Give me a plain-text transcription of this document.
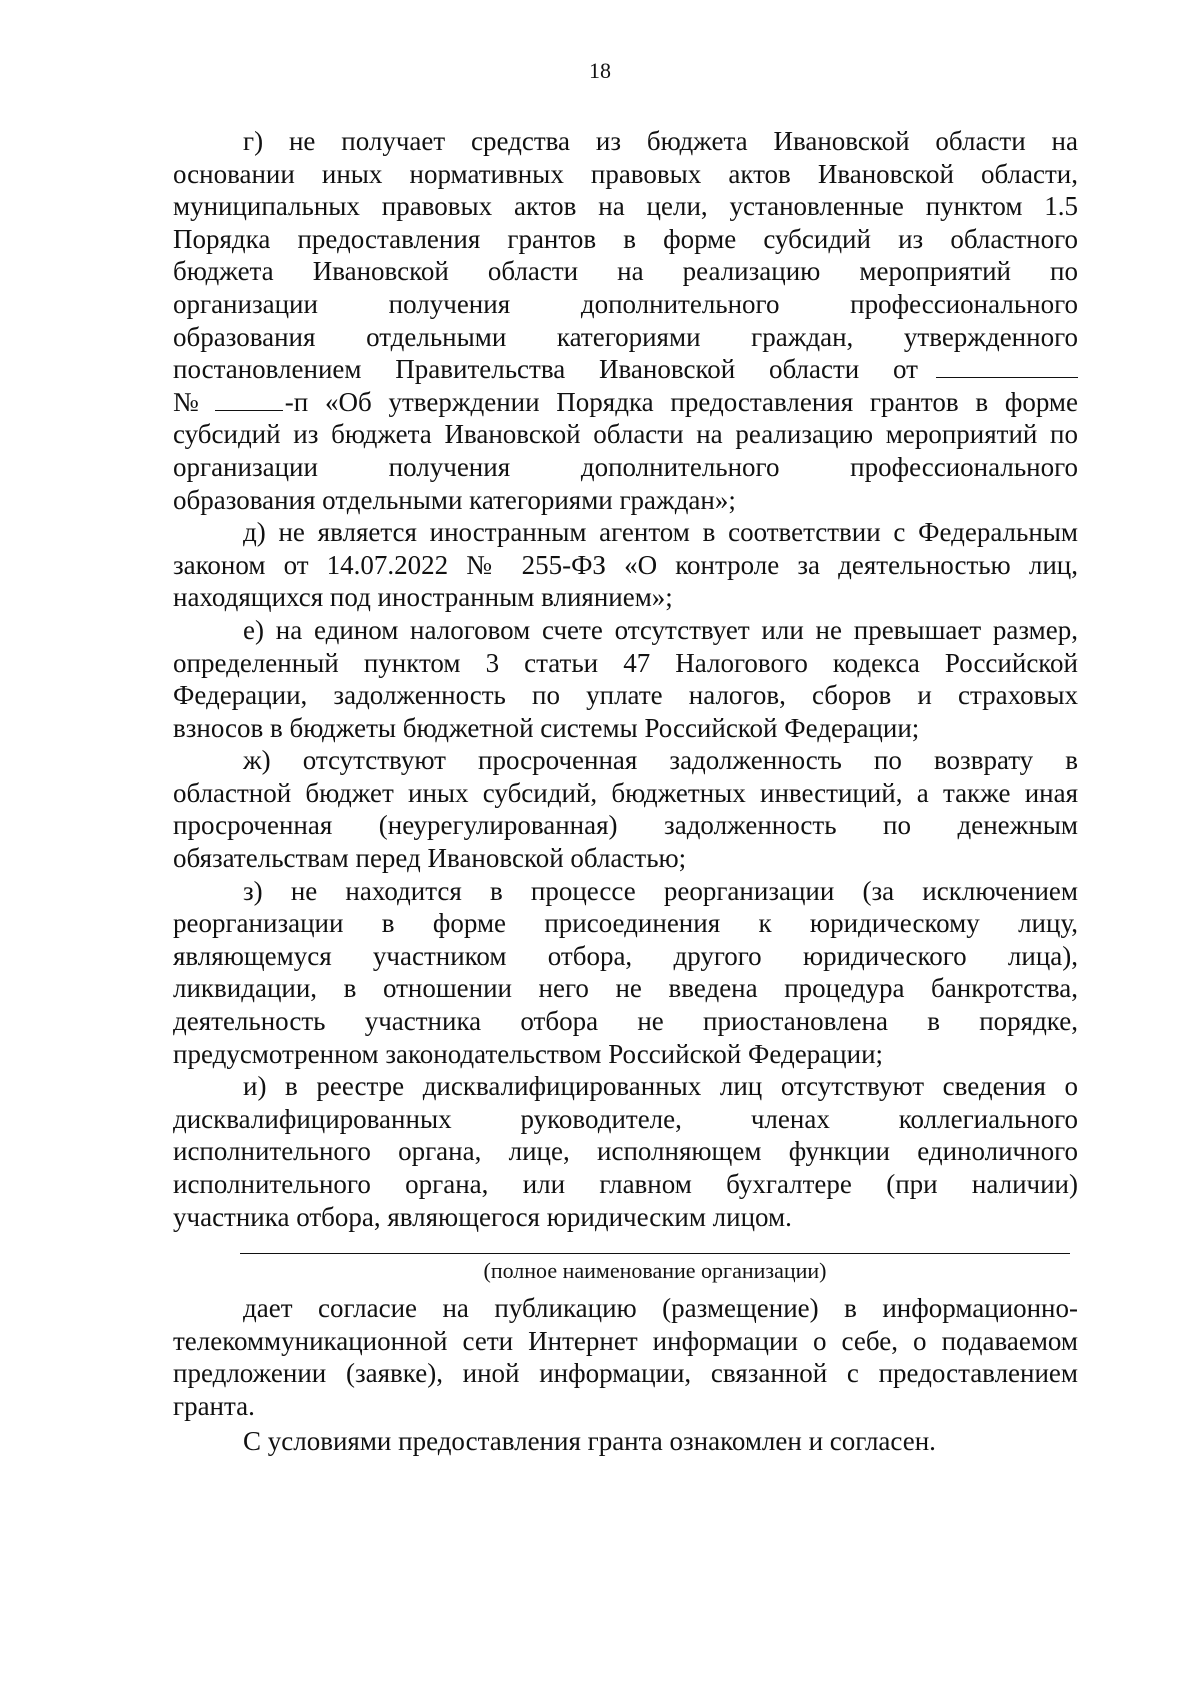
18
г) не получает средства из бюджета Ивановской области на
основании иных нормативных правовых актов Ивановской области,
муниципальных правовых актов на цели, установленные пунктом 1.5
Порядка предоставления грантов в форме субсидий из областного
бюджета Ивановской области на реализацию мероприятий по
организации получения дополнительного профессионального
образования отдельными категориями граждан, утвержденного
постановлением Правительства Ивановской области от
№	-п «Об утверждении Порядка предоставления грантов в форме
субсидий из бюджета Ивановской области на реализацию мероприятий по
организации получения дополнительного профессионального
образования отдельными категориями граждан»;
д) не является иностранным агентом в соответствии с Федеральным
законом от 14.07.2022 № 255-ФЗ «О контроле за деятельностью лиц,
находящихся под иностранным влиянием»;
е) на едином налоговом счете отсутствует или не превышает размер,
определенный пунктом 3 статьи 47 Налогового кодекса Российской
Федерации, задолженность по уплате налогов, сборов и страховых
взносов в бюджеты бюджетной системы Российской Федерации;
ж) отсутствуют просроченная задолженность по возврату в
областной бюджет иных субсидий, бюджетных инвестиций, а также иная
просроченная (неурегулированная) задолженность по денежным
обязательствам перед Ивановской областью;
з) не находится в процессе реорганизации (за исключением
реорганизации в форме присоединения к юридическому лицу,
являющемуся участником отбора, другого юридического лица),
ликвидации, в отношении него не введена процедура банкротства,
деятельность участника отбора не приостановлена в порядке,
предусмотренном законодательством Российской Федерации;
и) в реестре дисквалифицированных лиц отсутствуют сведения о
дисквалифицированных руководителе, членах коллегиального
исполнительного органа, лице, исполняющем функции единоличного
исполнительного органа, или главном бухгалтере (при наличии)
участника отбора, являющегося юридическим лицом.
(полное наименование организации)
дает согласие на публикацию (размещение) в информационно-
телекоммуникационной сети Интернет информации о себе, о подаваемом
предложении (заявке), иной информации, связанной с предоставлением
гранта.
С условиями предоставления гранта ознакомлен и согласен.
